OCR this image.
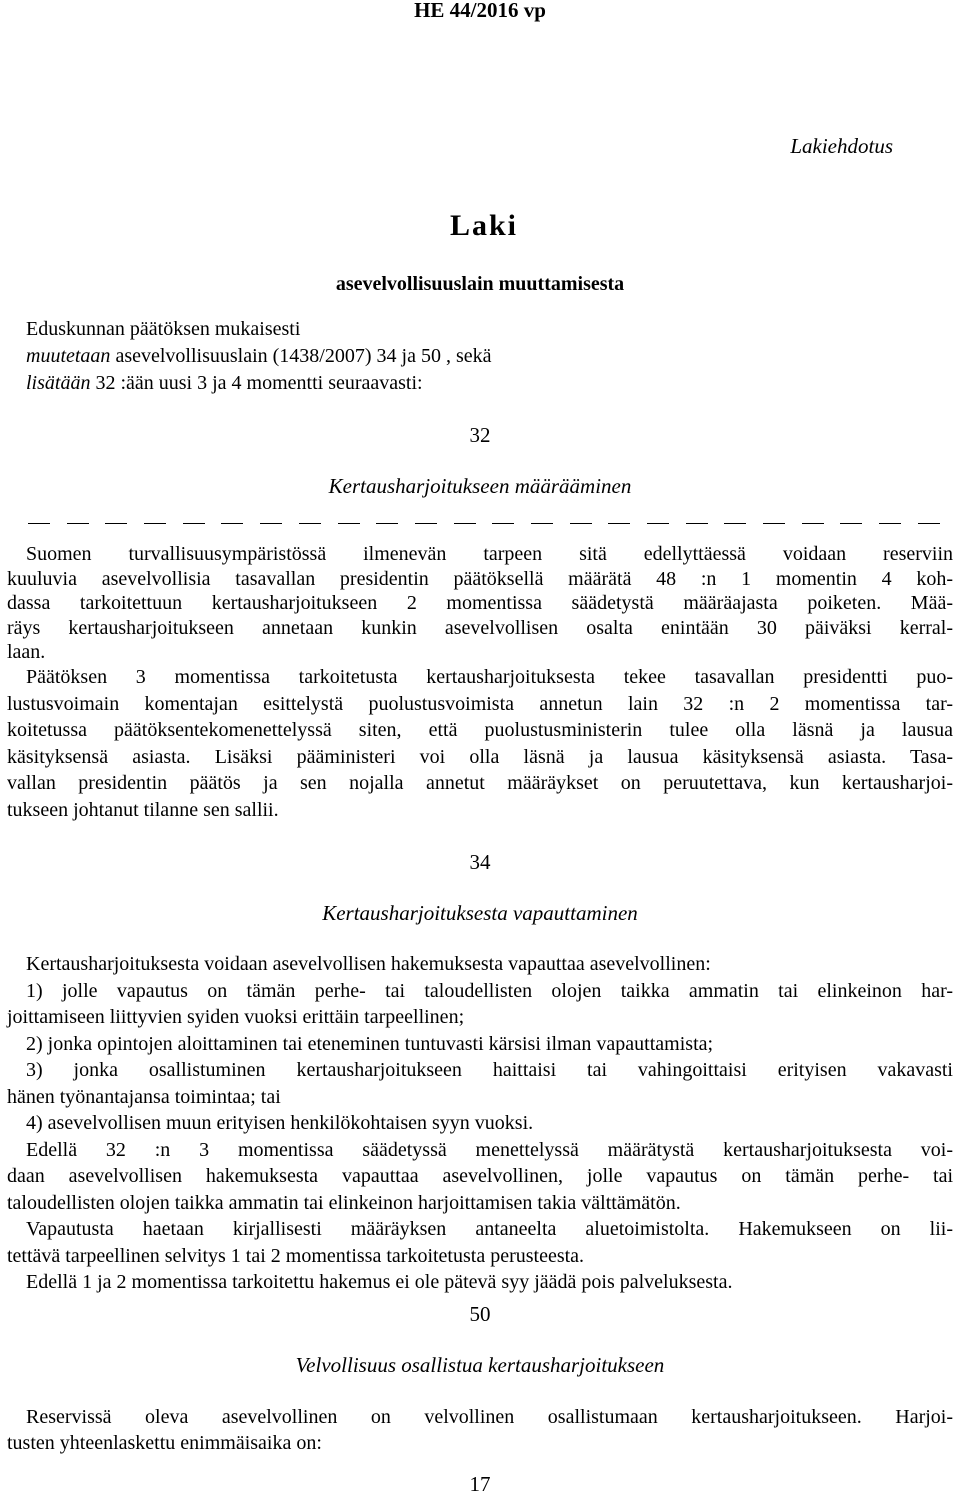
HE 44/2016 vp
Lakiehdotus
Laki
asevelvollisuuslain muuttamisesta
Eduskunnan päätöksen mukaisesti
muutetaan asevelvollisuuslain (1438/2007) 34 ja 50 , sekä
lisätään 32 :ään uusi 3 ja 4 momentti seuraavasti:
32
Kertausharjoitukseen määrääminen
Suomen turvallisuusympäristössä ilmenevän tarpeen sitä edellyttäessä voidaan reserviin
kuuluvia asevelvollisia tasavallan presidentin päätöksellä määrätä 48 :n 1 momentin 4 koh-
dassa tarkoitettuun kertausharjoitukseen 2 momentissa säädetystä määräajasta poiketen. Mää-
räys kertausharjoitukseen annetaan kunkin asevelvollisen osalta enintään 30 päiväksi kerral-
laan.
Päätöksen 3 momentissa tarkoitetusta kertausharjoituksesta tekee tasavallan presidentti puo-
lustusvoimain komentajan esittelystä puolustusvoimista annetun lain 32 :n 2 momentissa tar-
koitetussa päätöksentekomenettelyssä siten, että puolustusministerin tulee olla läsnä ja lausua
käsityksensä asiasta. Lisäksi pääministeri voi olla läsnä ja lausua käsityksensä asiasta. Tasa-
vallan presidentin päätös ja sen nojalla annetut määräykset on peruutettava, kun kertausharjoi-
tukseen johtanut tilanne sen sallii.
34
Kertausharjoituksesta vapauttaminen
Kertausharjoituksesta voidaan asevelvollisen hakemuksesta vapauttaa asevelvollinen:
1) jolle vapautus on tämän perhe- tai taloudellisten olojen taikka ammatin tai elinkeinon har-
joittamiseen liittyvien syiden vuoksi erittäin tarpeellinen;
2) jonka opintojen aloittaminen tai eteneminen tuntuvasti kärsisi ilman vapauttamista;
3) jonka osallistuminen kertausharjoitukseen haittaisi tai vahingoittaisi erityisen vakavasti
hänen työnantajansa toimintaa; tai
4) asevelvollisen muun erityisen henkilökohtaisen syyn vuoksi.
Edellä 32 :n 3 momentissa säädetyssä menettelyssä määrätystä kertausharjoituksesta voi-
daan asevelvollisen hakemuksesta vapauttaa asevelvollinen, jolle vapautus on tämän perhe- tai
taloudellisten olojen taikka ammatin tai elinkeinon harjoittamisen takia välttämätön.
Vapautusta haetaan kirjallisesti määräyksen antaneelta aluetoimistolta. Hakemukseen on lii-
tettävä tarpeellinen selvitys 1 tai 2 momentissa tarkoitetusta perusteesta.
Edellä 1 ja 2 momentissa tarkoitettu hakemus ei ole pätevä syy jäädä pois palveluksesta.
50
Velvollisuus osallistua kertausharjoitukseen
Reservissä oleva asevelvollinen on velvollinen osallistumaan kertausharjoitukseen. Harjoi-
tusten yhteenlaskettu enimmäisaika on:
17
